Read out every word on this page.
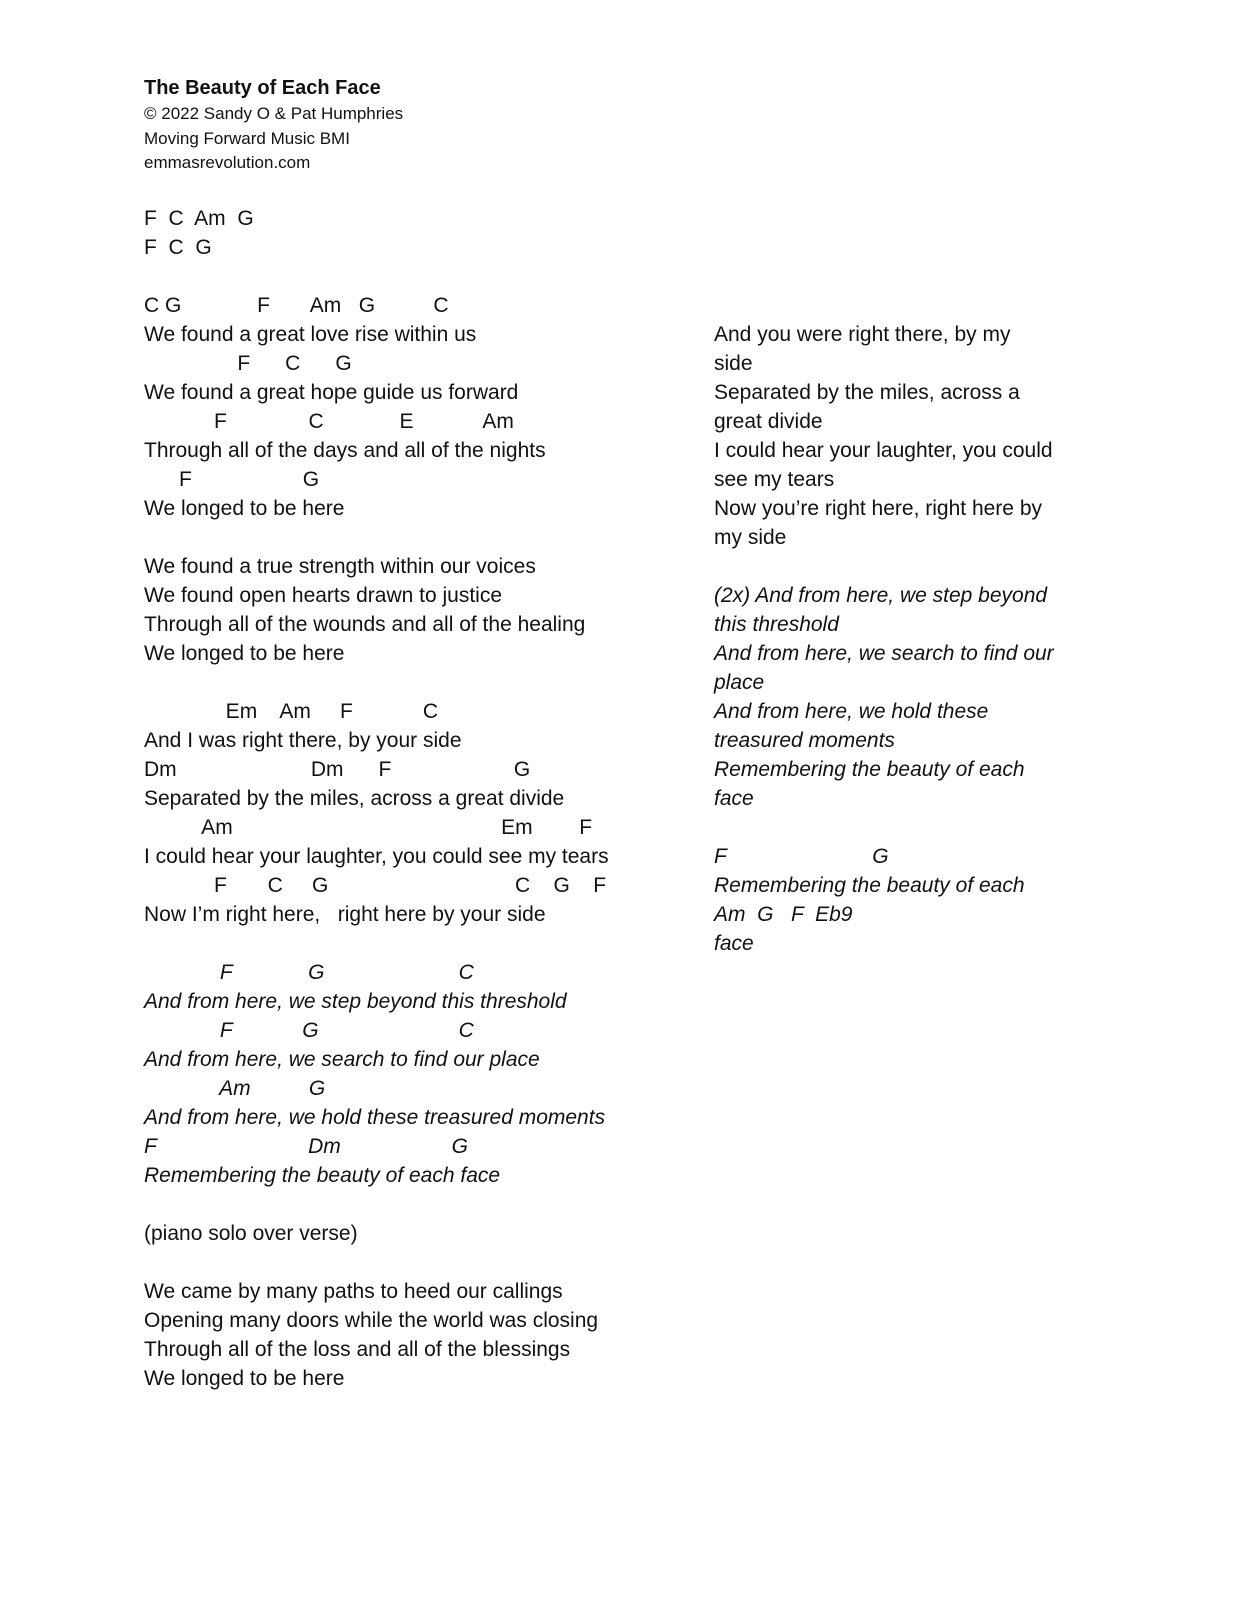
The Beauty of Each Face

© 2022 Sandy O & Pat Humphries

Moving Forward Music BMI

emmasrevolution.com

F  C  Am  G
F  C  G
C G             F       Am   G          C
We found a great love rise within us
F      C      G
We found a great hope guide us forward
F              C             E            Am
Through all of the days and all of the nights
F                   G
We longed to be here
We found a true strength within our voices
We found open hearts drawn to justice
Through all of the wounds and all of the healing
We longed to be here
Em    Am     F            C
And I was right there, by your side
Dm                       Dm      F                     G
Separated by the miles, across a great divide
Am                                              Em        F
I could hear your laughter, you could see my tears
F       C     G                                C    G    F
Now I’m right here,   right here by your side
F             G                       C
And from here, we step beyond this threshold
F            G                        C
And from here, we search to find our place
Am          G
And from here, we hold these treasured moments
F                          Dm                   G
Remembering the beauty of each face
(piano solo over verse)
We came by many paths to heed our callings
Opening many doors while the world was closing
Through all of the loss and all of the blessings
We longed to be here
And you were right there, by my
side
Separated by the miles, across a
great divide
I could hear your laughter, you could
see my tears
Now you’re right here, right here by
my side
(2x) And from here, we step beyond
this threshold
And from here, we search to find our
place
And from here, we hold these
treasured moments
Remembering the beauty of each
face
F                         G
Remembering the beauty of each
Am  G   F  Eb9
face
